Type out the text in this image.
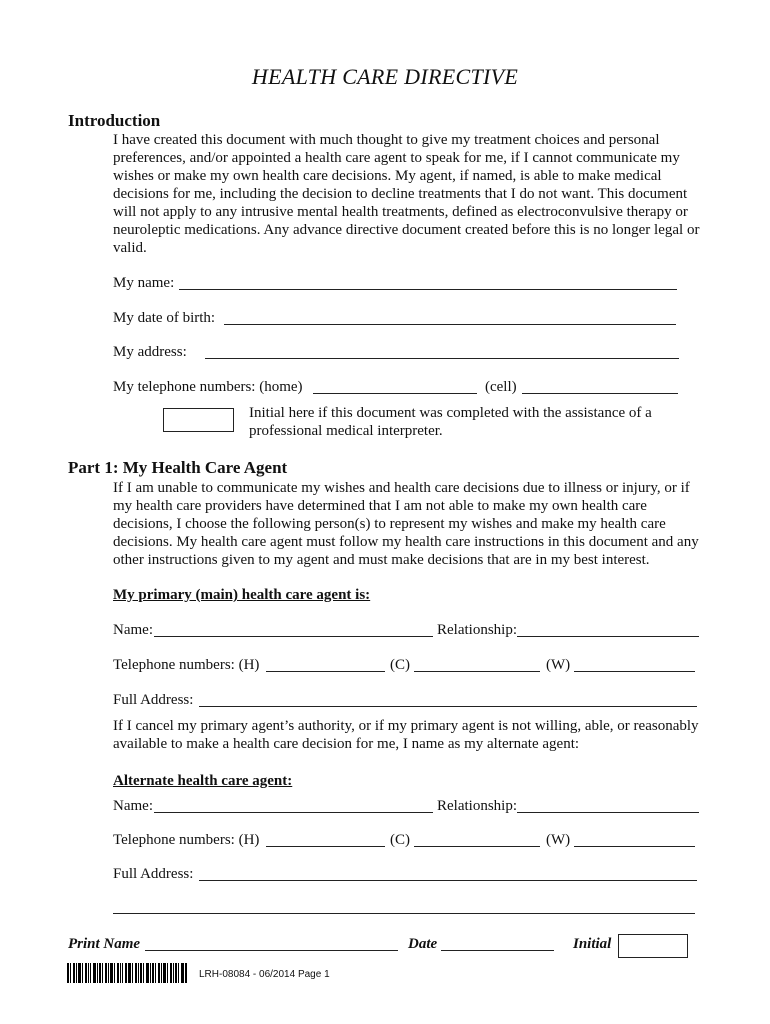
HEALTH CARE DIRECTIVE
Introduction

I have created this document with much thought to give my treatment choices and personal preferences, and/or appointed a health care agent to speak for me, if I cannot communicate my wishes or make my own health care decisions. My agent, if named, is able to make medical decisions for me, including the decision to decline treatments that I do not want. This document will not apply to any intrusive mental health treatments, defined as electroconvulsive therapy or neuroleptic medications. Any advance directive document created before this is no longer legal or valid.

My name:
My date of birth:
My address:
My telephone numbers: (home)	(cell)

Initial here if this document was completed with the assistance of a professional medical interpreter.

Part 1: My Health Care Agent

If I am unable to communicate my wishes and health care decisions due to illness or injury, or if my health care providers have determined that I am not able to make my own health care decisions, I choose the following person(s) to represent my wishes and make my health care decisions. My health care agent must follow my health care instructions in this document and any other instructions given to my agent and must make decisions that are in my best interest.

My primary (main) health care agent is:
Name:	Relationship:
Telephone numbers: (H)	(C)	(W)
Full Address:

If I cancel my primary agent’s authority, or if my primary agent is not willing, able, or reasonably available to make a health care decision for me, I name as my alternate agent:

Alternate health care agent:
Name:	Relationship:
Telephone numbers: (H)	(C)	(W)
Full Address:
Print Name	Date	Initial
LRH-08084 - 06/2014 Page 1
